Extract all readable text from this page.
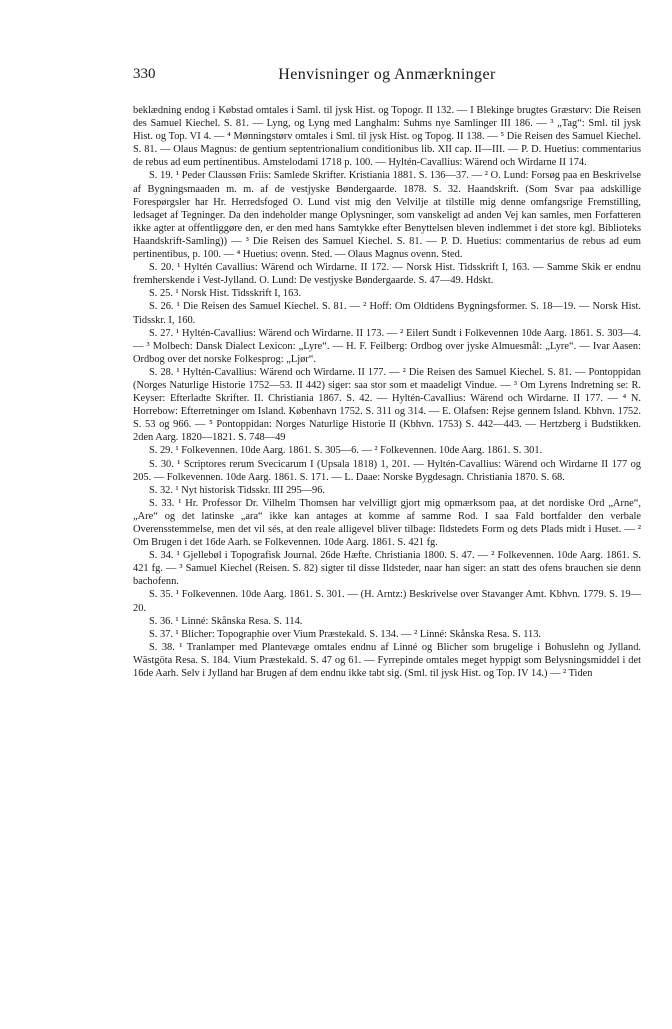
330	Henvisninger og Anmærkninger

beklædning endog i Købstad omtales i Saml. til jysk Hist. og Topogr. II 132. — I Blekinge brugtes Græstørv: Die Reisen des Samuel Kiechel. S. 81. — Lyng, og Lyng med Langhalm: Suhms nye Samlinger III 186. — ³ „Tag“: Sml. til jysk Hist. og Top. VI 4. — ⁴ Mønningstørv omtales i Sml. til jysk Hist. og Topog. II 138. — ⁵ Die Reisen des Samuel Kiechel. S. 81. — Olaus Magnus: de gentium septentrionalium conditionibus lib. XII cap. II—III. — P. D. Huetius: commentarius de rebus ad eum pertinentibus. Amstelodami 1718 p. 100. — Hyltén-Cavallius: Wärend och Wirdarne II 174.

S. 19. ¹ Peder Claussøn Friis: Samlede Skrifter. Kristiania 1881. S. 136—37. — ² O. Lund: Forsøg paa en Beskrivelse af Bygningsmaaden m. m. af de vestjyske Bøndergaarde. 1878. S. 32. Haandskrift. (Som Svar paa adskillige Forespørgsler har Hr. Herredsfoged O. Lund vist mig den Velvilje at tilstille mig denne omfangsrige Fremstilling, ledsaget af Tegninger. Da den indeholder mange Oplysninger, som vanskeligt ad anden Vej kan samles, men Forfatteren ikke agter at offentliggøre den, er den med hans Samtykke efter Benyttelsen bleven indlemmet i det store kgl. Biblioteks Haandskrift-Samling)) — ³ Die Reisen des Samuel Kiechel. S. 81. — P. D. Huetius: commentarius de rebus ad eum pertinentibus, p. 100. — ⁴ Huetius: ovenn. Sted. — Olaus Magnus ovenn. Sted.

S. 20. ¹ Hyltén Cavallius: Wärend och Wirdarne. II 172. — Norsk Hist. Tidsskrift I, 163. — Samme Skik er endnu fremherskende i Vest-Jylland. O. Lund: De vestjyske Bøndergaarde. S. 47—49. Hdskt.

S. 25. ¹ Norsk Hist. Tidsskrift I, 163.

S. 26. ¹ Die Reisen des Samuel Kiechel. S. 81. — ² Hoff: Om Oldtidens Bygningsformer. S. 18—19. — Norsk Hist. Tidsskr. I, 160.

S. 27. ¹ Hyltén-Cavallius: Wärend och Wirdarne. II 173. — ² Eilert Sundt i Folkevennen 10de Aarg. 1861. S. 303—4. — ³ Molbech: Dansk Dialect Lexicon: „Lyre“. — H. F. Feilberg: Ordbog over jyske Almuesmål: „Lyre“. — Ivar Aasen: Ordbog over det norske Folkesprog: „Ljør“.

S. 28. ¹ Hyltén-Cavallius: Wärend och Wirdarne. II 177. — ² Die Reisen des Samuel Kiechel. S. 81. — Pontoppidan (Norges Naturlige Historie 1752—53. II 442) siger: saa stor som et maadeligt Vindue. — ³ Om Lyrens Indretning se: R. Keyser: Efterladte Skrifter. II. Christiania 1867. S. 42. — Hyltén-Cavallius: Wärend och Wirdarne. II 177. — ⁴ N. Horrebow: Efterretninger om Island. København 1752. S. 311 og 314. — E. Olafsen: Rejse gennem Island. Kbhvn. 1752. S. 53 og 966. — ⁵ Pontoppidan: Norges Naturlige Historie II (Kbhvn. 1753) S. 442—443. — Hertzberg i Budstikken. 2den Aarg. 1820—1821. S. 748—49

S. 29. ¹ Folkevennen. 10de Aarg. 1861. S. 305—6. — ² Folkevennen. 10de Aarg. 1861. S. 301.

S. 30. ¹ Scriptores rerum Svecicarum I (Upsala 1818) 1, 201. — Hyltén-Cavallius: Wärend och Wirdarne II 177 og 205. — Folkevennen. 10de Aarg. 1861. S. 171. — L. Daae: Norske Bygdesagn. Christiania 1870. S. 68.

S. 32. ¹ Nyt historisk Tidsskr. III 295—96.

S. 33. ¹ Hr. Professor Dr. Vilhelm Thomsen har velvilligt gjort mig opmærksom paa, at det nordiske Ord „Arne“, „Are“ og det latinske „ara“ ikke kan antages at komme af samme Rod. I saa Fald bortfalder den verbale Overensstemmelse, men det vil sés, at den reale alligevel bliver tilbage: Ildstedets Form og dets Plads midt i Huset. — ² Om Brugen i det 16de Aarh. se Folkevennen. 10de Aarg. 1861. S. 421 fg.

S. 34. ¹ Gjellebøl i Topografisk Journal. 26de Hæfte. Christiania 1800. S. 47. — ² Folkevennen. 10de Aarg. 1861. S. 421 fg. — ³ Samuel Kiechel (Reisen. S. 82) sigter til disse Ildsteder, naar han siger: an statt des ofens brauchen sie denn bachofenn.

S. 35. ¹ Folkevennen. 10de Aarg. 1861. S. 301. — (H. Arntz:) Beskrivelse over Stavanger Amt. Kbhvn. 1779. S. 19—20.

S. 36. ¹ Linné: Skånska Resa. S. 114.

S. 37. ¹ Blicher: Topographie over Vium Præstekald. S. 134. — ² Linné: Skånska Resa. S. 113.

S. 38. ¹ Tranlamper med Plantevæge omtales endnu af Linné og Blicher som brugelige i Bohuslehn og Jylland. Wästgöta Resa. S. 184. Vium Præstekald. S. 47 og 61. — Fyrrepinde omtales meget hyppigt som Belysningsmiddel i det 16de Aarh. Selv i Jylland har Brugen af dem endnu ikke tabt sig. (Sml. til jysk Hist. og Top. IV 14.) — ² Tiden
